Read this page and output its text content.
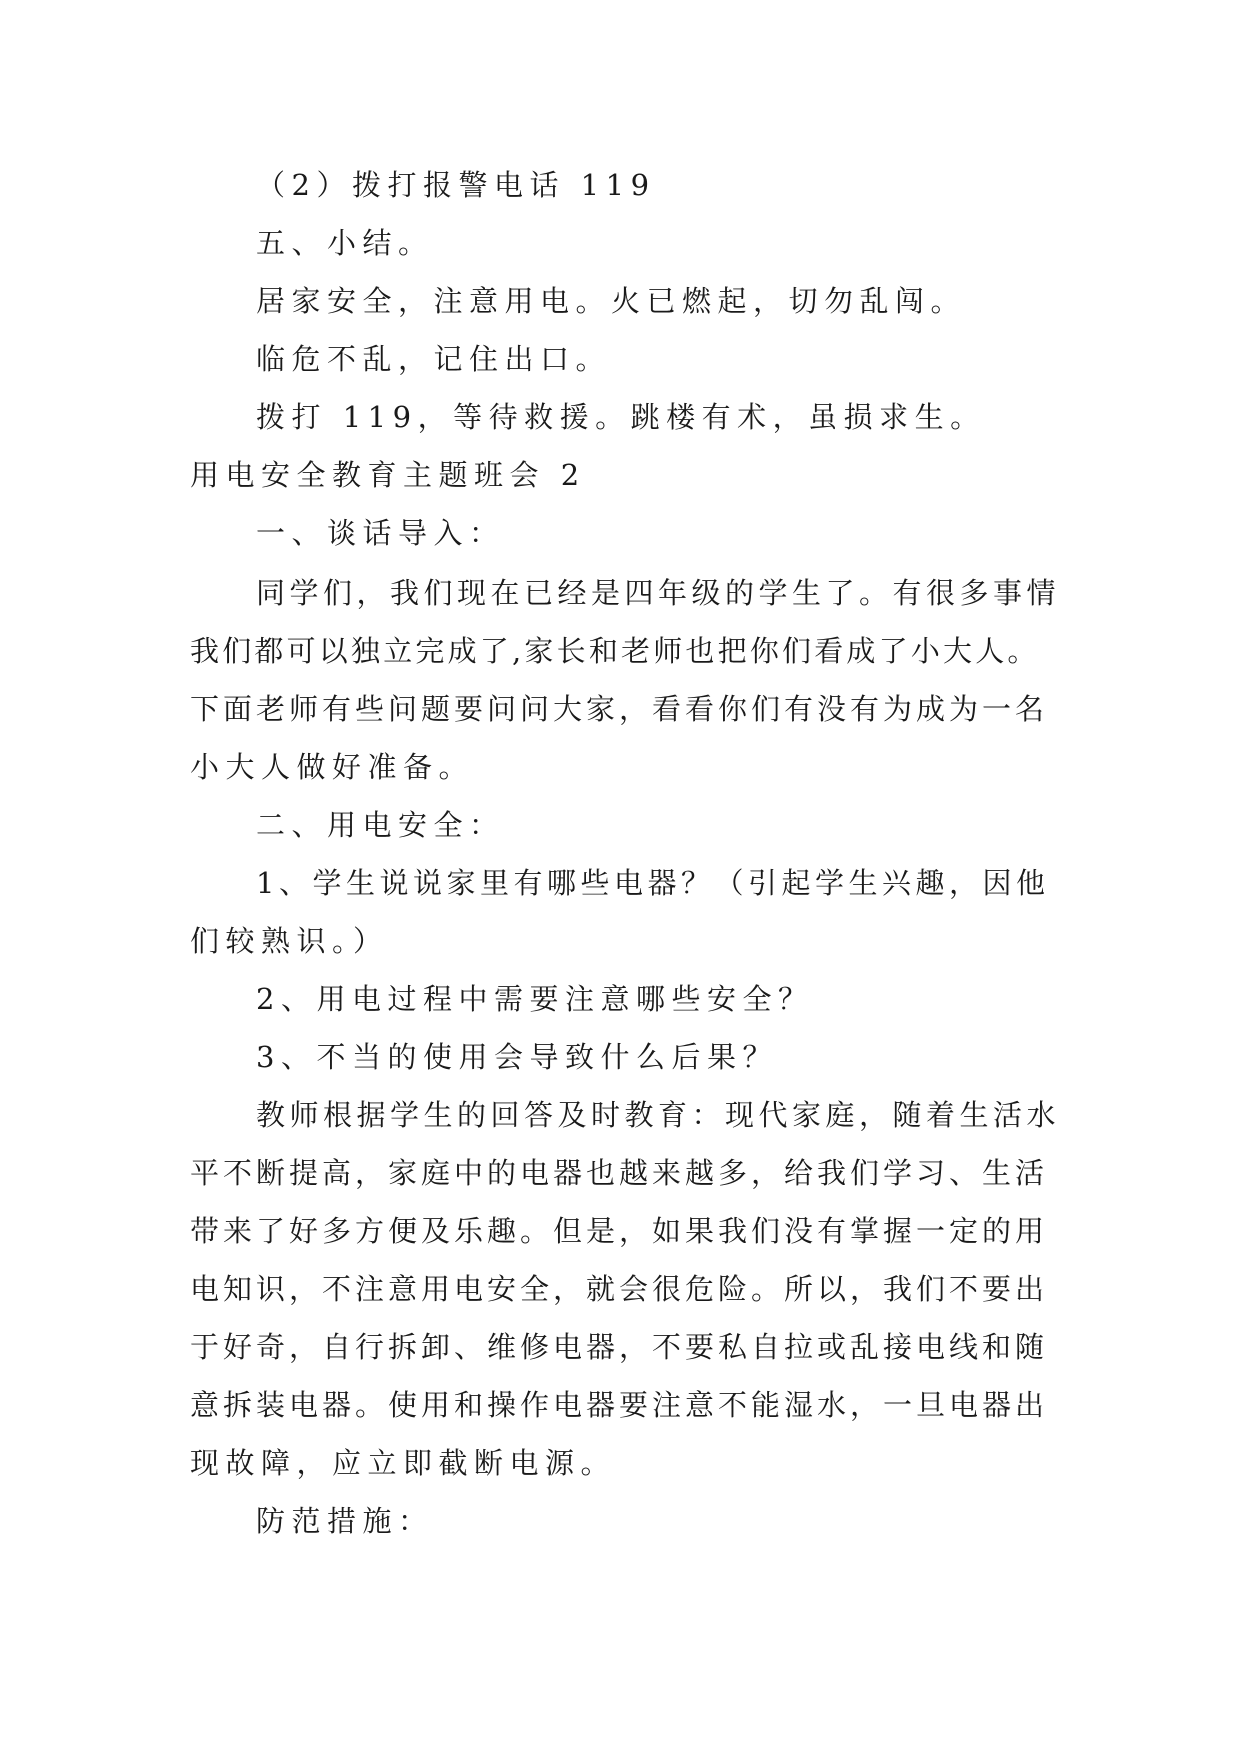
（2）拨打报警电话 119
五、小结。
居家安全，注意用电。火已燃起，切勿乱闯。
临危不乱，记住出口。
拨打 119，等待救援。跳楼有术，虽损求生。
用电安全教育主题班会 2
一、谈话导入：
同学们，我们现在已经是四年级的学生了。有很多事情
我们都可以独立完成了,家长和老师也把你们看成了小大人。
下面老师有些问题要问问大家，看看你们有没有为成为一名
小大人做好准备。
二、用电安全：
1、学生说说家里有哪些电器？（引起学生兴趣，因他
们较熟识。）
2、用电过程中需要注意哪些安全？
3、不当的使用会导致什么后果？
教师根据学生的回答及时教育：现代家庭，随着生活水
平不断提高，家庭中的电器也越来越多，给我们学习、生活
带来了好多方便及乐趣。但是，如果我们没有掌握一定的用
电知识，不注意用电安全，就会很危险。所以，我们不要出
于好奇，自行拆卸、维修电器，不要私自拉或乱接电线和随
意拆装电器。使用和操作电器要注意不能湿水，一旦电器出
现故障，应立即截断电源。
防范措施：
